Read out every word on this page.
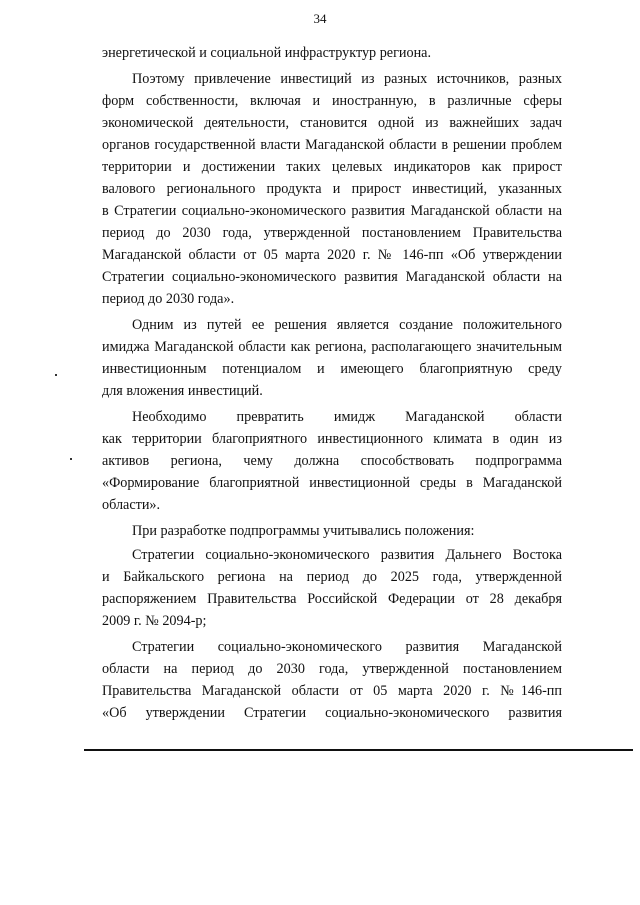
34
энергетической и социальной инфраструктур региона.
Поэтому привлечение инвестиций из разных источников, разных
форм собственности, включая и иностранную, в различные сферы
экономической деятельности, становится одной из важнейших задач
органов государственной власти Магаданской области в решении проблем
территории и достижении таких целевых индикаторов как прирост
валового регионального продукта и прирост инвестиций, указанных
в Стратегии социально-экономического развития Магаданской области на
период до 2030 года, утвержденной постановлением Правительства
Магаданской области от 05 марта 2020 г. № 146-пп «Об утверждении
Стратегии социально-экономического развития Магаданской области на
период до 2030 года».
Одним из путей ее решения является создание положительного
имиджа Магаданской области как региона, располагающего значительным
инвестиционным потенциалом и имеющего благоприятную среду
для вложения инвестиций.
Необходимо превратить имидж Магаданской области
как территории благоприятного инвестиционного климата в один из
активов региона, чему должна способствовать подпрограмма
«Формирование благоприятной инвестиционной среды в Магаданской
области».
При разработке подпрограммы учитывались положения:
Стратегии социально-экономического развития Дальнего Востока
и Байкальского региона на период до 2025 года, утвержденной
распоряжением Правительства Российской Федерации от 28 декабря
2009 г. № 2094-р;
Стратегии социально-экономического развития Магаданской
области на период до 2030 года, утвержденной постановлением
Правительства Магаданской области от 05 марта 2020 г. №146-пп
«Об утверждении Стратегии социально-экономического развития
